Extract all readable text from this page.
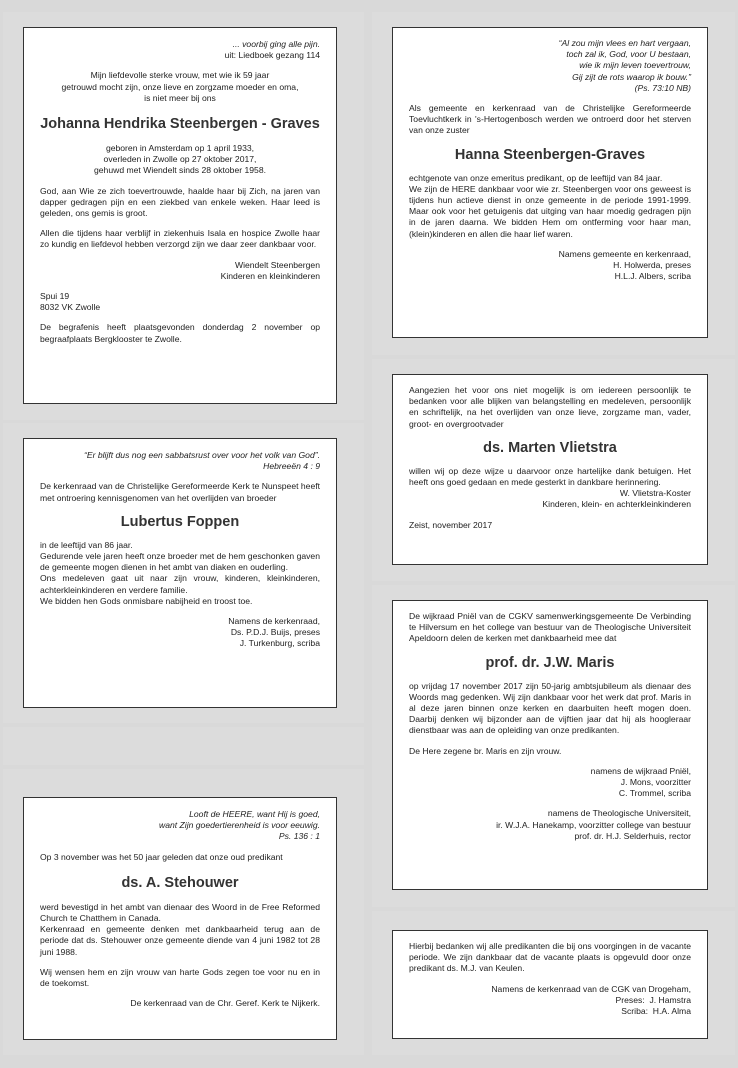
... voorbij ging alle pijn.
uit: Liedboek gezang 114
Mijn liefdevolle sterke vrouw, met wie ik 59 jaar
getrouwd mocht zijn, onze lieve en zorgzame moeder en oma,
is niet meer bij ons
Johanna Hendrika Steenbergen - Graves
geboren in Amsterdam op 1 april 1933,
overleden in Zwolle op 27 oktober 2017,
gehuwd met Wiendelt sinds 28 oktober 1958.

God, aan Wie ze zich toevertrouwde, haalde haar bij Zich, na jaren van dapper gedragen pijn en een ziekbed van enkele weken. Haar leed is geleden, ons gemis is groot.

Allen die tijdens haar verblijf in ziekenhuis Isala en hospice Zwolle haar zo kundig en liefdevol hebben verzorgd zijn we daar zeer dankbaar voor.

Wiendelt Steenbergen
Kinderen en kleinkinderen
Spui 19
8032 VK Zwolle

De begrafenis heeft plaatsgevonden donderdag 2 november op begraafplaats Bergklooster te Zwolle.

“Er blijft dus nog een sabbatsrust over voor het volk van God”.
Hebreeën 4 : 9

De kerkenraad van de Christelijke Gereformeerde Kerk te Nunspeet heeft met ontroering kennisgenomen van het overlijden van broeder

Lubertus Foppen
in de leeftijd van 86 jaar.
Gedurende vele jaren heeft onze broeder met de hem geschonken gaven de gemeente mogen dienen in het ambt van diaken en ouderling.
Ons medeleven gaat uit naar zijn vrouw, kinderen, kleinkinderen, achterkleinkinderen en verdere familie.
We bidden hen Gods onmisbare nabijheid en troost toe.
Namens de kerkenraad,
Ds. P.D.J. Buijs, preses
J. Turkenburg, scriba
Looft de HEERE, want Hij is goed,
want Zijn goedertierenheid is voor eeuwig.
Ps. 136 : 1

Op 3 november was het 50 jaar geleden dat onze oud predikant

ds. A. Stehouwer
werd bevestigd in het ambt van dienaar des Woord in de Free Reformed Church te Chatthem in Canada.
Kerkenraad en gemeente denken met dankbaarheid terug aan de periode dat ds. Stehouwer onze gemeente diende van 4 juni 1982 tot 28 juni 1988.

Wij wensen hem en zijn vrouw van harte Gods zegen toe voor nu en in de toekomst.

De kerkenraad van de Chr. Geref. Kerk te Nijkerk.

“Al zou mijn vlees en hart vergaan,
toch zal ik, God, voor U bestaan,
wie ik mijn leven toevertrouw,
Gij zijt de rots waarop ik bouw.”
(Ps. 73:10 NB)

Als gemeente en kerkenraad van de Christelijke Gereformeerde Toevluchtkerk in 's-Hertogenbosch werden we ontroerd door het sterven van onze zuster

Hanna Steenbergen-Graves
echtgenote van onze emeritus predikant, op de leeftijd van 84 jaar.
We zijn de HERE dankbaar voor wie zr. Steenbergen voor ons geweest is tijdens hun actieve dienst in onze gemeente in de periode 1991-1999. Maar ook voor het getuigenis dat uitging van haar moedig gedragen pijn in de jaren daarna. We bidden Hem om ontferming voor haar man, (klein)kinderen en allen die haar lief waren.
Namens gemeente en kerkenraad,
H. Holwerda, preses
H.L.J. Albers, scriba

Aangezien het voor ons niet mogelijk is om iedereen persoonlijk te bedanken voor alle blijken van belangstelling en medeleven, persoonlijk en schriftelijk, na het overlijden van onze lieve, zorgzame man, vader, groot- en overgrootvader

ds. Marten Vlietstra

willen wij op deze wijze u daarvoor onze hartelijke dank betuigen. Het heeft ons goed gedaan en mede gesterkt in dankbare herinnering.

W. Vlietstra-Koster
Kinderen, klein- en achterkleinkinderen

Zeist, november 2017

De wijkraad Pniël van de CGKV samenwerkingsgemeente De Verbinding te Hilversum en het college van bestuur van de Theologische Universiteit Apeldoorn delen de kerken met dankbaarheid mee dat

prof. dr. J.W. Maris

op vrijdag 17 november 2017 zijn 50-jarig ambtsjubileum als dienaar des Woords mag gedenken. Wij zijn dankbaar voor het werk dat prof. Maris in al deze jaren binnen onze kerken en daarbuiten heeft mogen doen. Daarbij denken wij bijzonder aan de vijftien jaar dat hij als hoogleraar dienstbaar was aan de opleiding van onze predikanten.

De Here zegene br. Maris en zijn vrouw.

namens de wijkraad Pniël,
J. Mons, voorzitter
C. Trommel, scriba
namens de Theologische Universiteit,
ir. W.J.A. Hanekamp, voorzitter college van bestuur
prof. dr. H.J. Selderhuis, rector

Hierbij bedanken wij alle predikanten die bij ons voorgingen in de vacante periode. We zijn dankbaar dat de vacante plaats is opgevuld door onze predikant ds. M.J. van Keulen.

Namens de kerkenraad van de CGK van Drogeham,
Preses:  J. Hamstra
Scriba:  H.A. Alma
